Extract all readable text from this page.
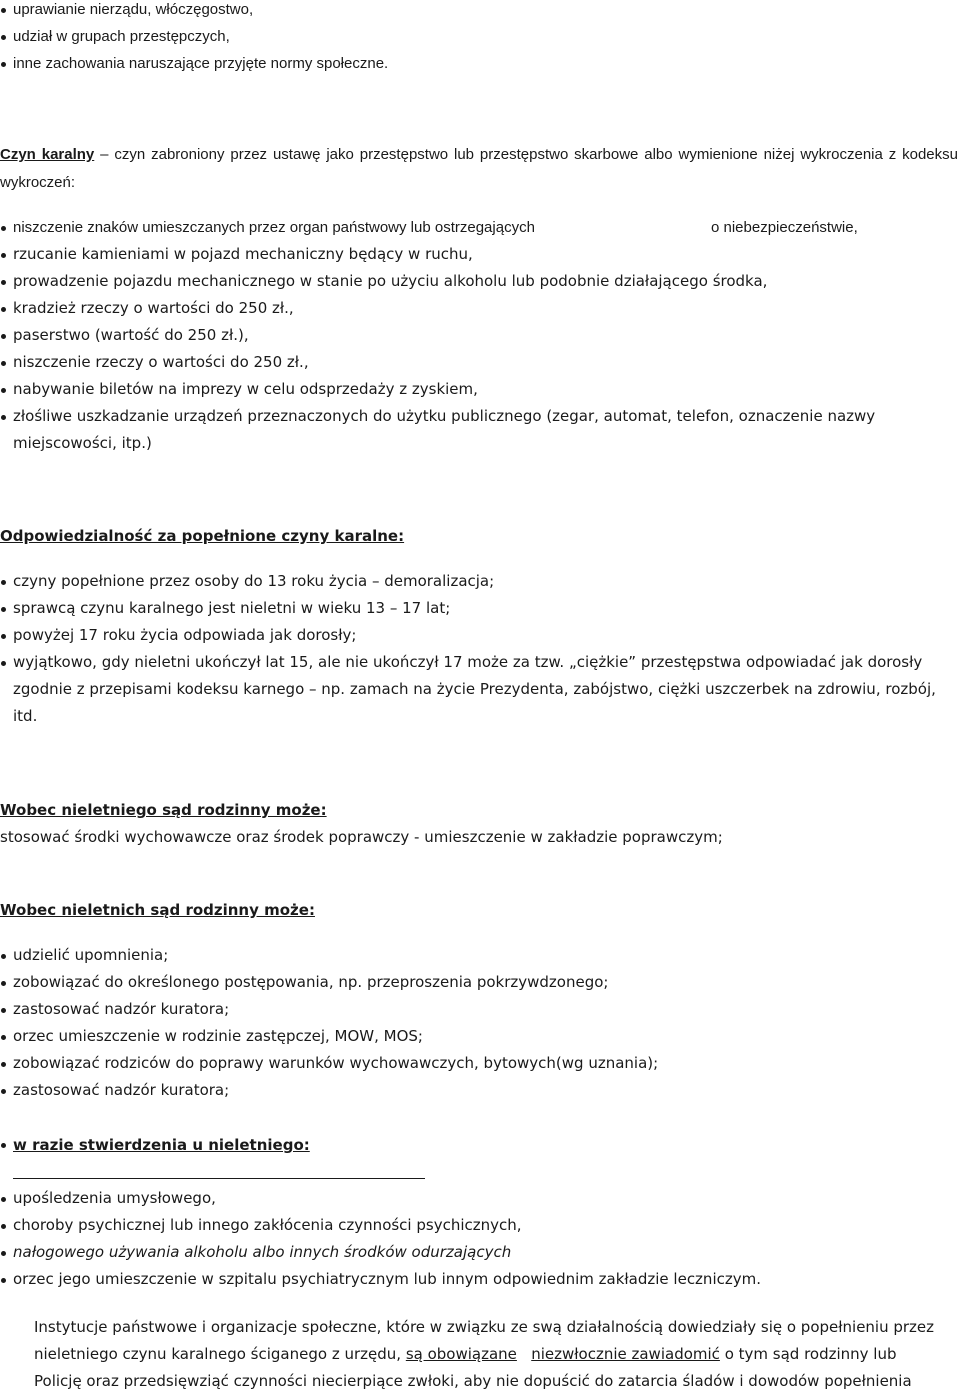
uprawianie nierządu, włóczęgostwo,
udział w grupach przestępczych,
inne zachowania naruszające przyjęte normy społeczne.

Czyn karalny – czyn zabroniony przez ustawę jako przestępstwo lub przestępstwo skarbowe albo wymienione niżej wykroczenia z kodeksu wykroczeń:

niszczenie znaków umieszczanych przez organ państwowy lub ostrzegających	o niebezpieczeństwie,
rzucanie kamieniami w pojazd mechaniczny będący w ruchu,
prowadzenie pojazdu mechanicznego w stanie po użyciu alkoholu lub podobnie działającego środka,
kradzież rzeczy o wartości do 250 zł.,
paserstwo (wartość do 250 zł.),
niszczenie rzeczy o wartości do 250 zł.,
nabywanie biletów na imprezy w celu odsprzedaży z zyskiem,
złośliwe uszkadzanie urządzeń przeznaczonych do użytku publicznego (zegar, automat, telefon, oznaczenie nazwy miejscowości, itp.)
Odpowiedzialność za popełnione czyny karalne:
czyny popełnione przez osoby do 13 roku życia – demoralizacja;
sprawcą czynu karalnego jest nieletni w wieku 13 – 17 lat;
powyżej 17 roku życia odpowiada jak dorosły;
wyjątkowo, gdy nieletni ukończył lat 15, ale nie ukończył 17 może za tzw. „ciężkie” przestępstwa odpowiadać jak dorosły zgodnie z przepisami kodeksu karnego – np. zamach na życie Prezydenta, zabójstwo, ciężki uszczerbek na zdrowiu, rozbój, itd.
Wobec nieletniego sąd rodzinny może:
stosować środki wychowawcze oraz środek poprawczy - umieszczenie w zakładzie poprawczym;
Wobec nieletnich sąd rodzinny może:
udzielić upomnienia;
zobowiązać do określonego postępowania, np. przeproszenia pokrzywdzonego;
zastosować nadzór kuratora;
orzec umieszczenie w rodzinie zastępczej, MOW, MOS;
zobowiązać rodziców do poprawy warunków wychowawczych, bytowych(wg uznania);
zastosować nadzór kuratora;
w razie stwierdzenia u nieletniego:
upośledzenia umysłowego,
choroby psychicznej lub innego zakłócenia czynności psychicznych,
nałogowego używania alkoholu albo innych środków odurzających
orzec jego umieszczenie w szpitalu psychiatrycznym lub innym odpowiednim zakładzie leczniczym.
Instytucje państwowe i organizacje społeczne, które w związku ze swą działalnością dowiedziały się o popełnieniu przez
nieletniego czynu karalnego ściganego z urzędu, są obowiązane niezwłocznie zawiadomić o tym sąd rodzinny lub
Policję oraz przedsięwziąć czynności niecierpiące zwłoki, aby nie dopuścić do zatarcia śladów i dowodów popełnienia
